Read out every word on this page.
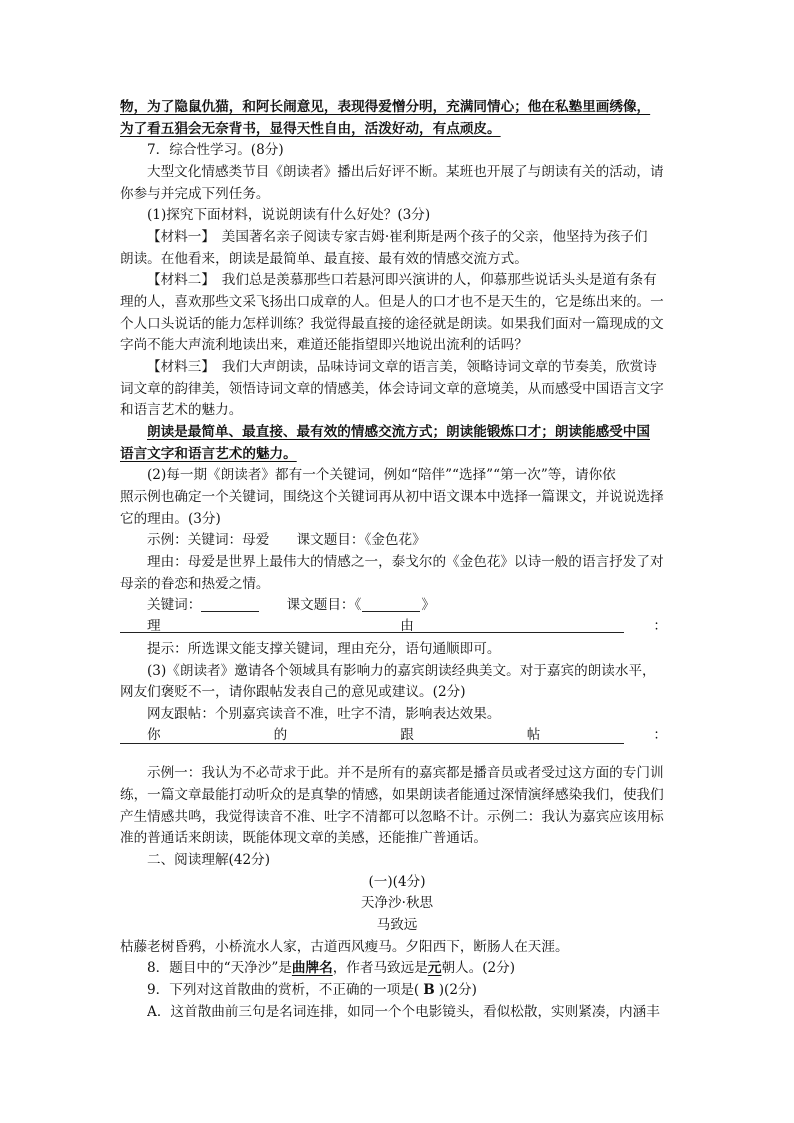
物，为了隐鼠仇猫，和阿长闹意见，表现得爱憎分明，充满同情心；他在私塾里画绣像，
为了看五猖会无奈背书，显得天性自由，活泼好动，有点顽皮。
7．综合性学习。(8分)
大型文化情感类节目《朗读者》播出后好评不断。某班也开展了与朗读有关的活动，请
你参与并完成下列任务。
(1)探究下面材料，说说朗读有什么好处？(3分)
【材料一】　美国著名亲子阅读专家吉姆·崔利斯是两个孩子的父亲，他坚持为孩子们
朗读。在他看来，朗读是最简单、最直接、最有效的情感交流方式。
【材料二】　我们总是羡慕那些口若悬河即兴演讲的人，仰慕那些说话头头是道有条有
理的人，喜欢那些文采飞扬出口成章的人。但是人的口才也不是天生的，它是练出来的。一
个人口头说话的能力怎样训练？我觉得最直接的途径就是朗读。如果我们面对一篇现成的文
字尚不能大声流利地读出来，难道还能指望即兴地说出流利的话吗？
【材料三】　我们大声朗读，品味诗词文章的语言美，领略诗词文章的节奏美，欣赏诗
词文章的韵律美，领悟诗词文章的情感美，体会诗词文章的意境美，从而感受中国语言文字
和语言艺术的魅力。
朗读是最简单、最直接、最有效的情感交流方式；朗读能锻炼口才；朗读能感受中国
语言文字和语言艺术的魅力。
(2)每一期《朗读者》都有一个关键词，例如“陪伴”“选择”“第一次”等，请你依
照示例也确定一个关键词，围绕这个关键词再从初中语文课本中选择一篇课文，并说说选择
它的理由。(3分)
示例：关键词：母爱　　课文题目：《金色花》
理由：母爱是世界上最伟大的情感之一，泰戈尔的《金色花》以诗一般的语言抒发了对
母亲的眷恋和热爱之情。
关键词：	　　课文题目：《	》
理	由	：
提示：所选课文能支撑关键词，理由充分，语句通顺即可。
(3)《朗读者》邀请各个领域具有影响力的嘉宾朗读经典美文。对于嘉宾的朗读水平，
网友们褒贬不一，请你跟帖发表自己的意见或建议。(2分)
网友跟帖：个别嘉宾读音不准，吐字不清，影响表达效果。
你	的	跟	帖	：
示例一：我认为不必苛求于此。并不是所有的嘉宾都是播音员或者受过这方面的专门训
练，一篇文章最能打动听众的是真挚的情感，如果朗读者能通过深情演绎感染我们，使我们
产生情感共鸣，我觉得读音不准、吐字不清都可以忽略不计。示例二：我认为嘉宾应该用标
准的普通话来朗读，既能体现文章的美感，还能推广普通话。
二、阅读理解(42分)
(一)(4分)
天净沙·秋思
马致远
枯藤老树昏鸦，小桥流水人家，古道西风瘦马。夕阳西下，断肠人在天涯。
8．题目中的“天净沙”是曲牌名，作者马致远是元朝人。(2分)
9．下列对这首散曲的赏析，不正确的一项是( B )(2分)
A．这首散曲前三句是名词连排，如同一个个电影镜头，看似松散，实则紧凑，内涵丰
